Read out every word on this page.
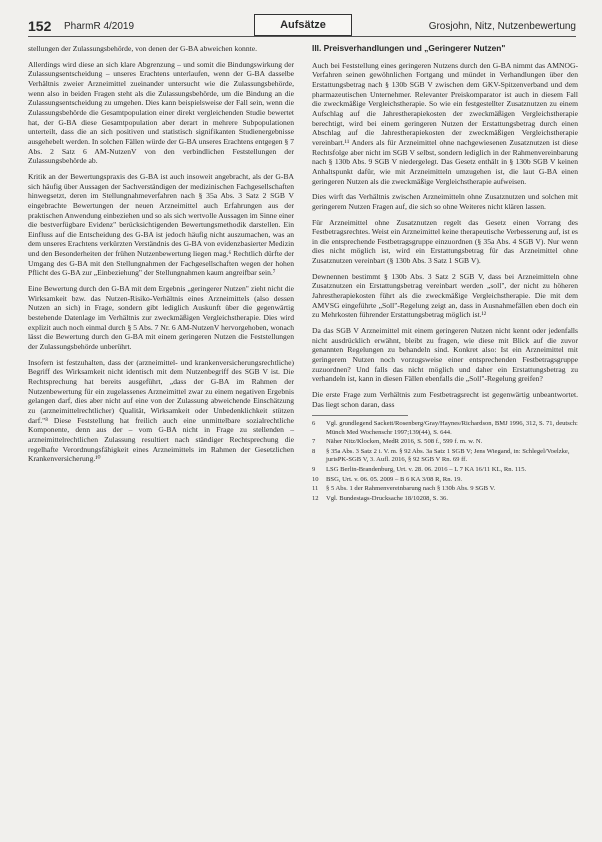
152 PharmR 4/2019	Aufsätze	Grosjohn, Nitz, Nutzenbewertung

stellungen der Zulassungsbehörde, von denen der G-BA abweichen konnte.

Allerdings wird diese an sich klare Abgrenzung – und somit die Bindungswirkung der Zulassungsentscheidung – unseres Erachtens unterlaufen, wenn der G-BA dasselbe Verhältnis zweier Arzneimittel zueinander untersucht wie die Zulassungsbehörde, wenn also in beiden Fragen steht als die Zulassungsbehörde, um die Bindung an die Zulassungsentscheidung zu umgehen. Dies kann beispielsweise der Fall sein, wenn die Zulassungsbehörde die Gesamtpopulation einer direkt vergleichenden Studie bewertet hat, der G-BA diese Gesamtpopulation aber derart in mehrere Subpopulationen unterteilt, dass die an sich positiven und statistisch signifikanten Studienergebnisse ausgehebelt werden. In solchen Fällen würde der G-BA unseres Erachtens entgegen § 7 Abs. 2 Satz 6 AM-NutzenV von den verbindlichen Feststellungen der Zulassungsbehörde ab.

Kritik an der Bewertungspraxis des G-BA ist auch insoweit angebracht, als der G-BA sich häufig über Aussagen der Sachverständigen der medizinischen Fachgesellschaften hinwegsetzt, deren im Stellungnahmeverfahren nach § 35a Abs. 3 Satz 2 SGB V eingebrachte Bewertungen der neuen Arzneimittel auch Erfahrungen aus der praktischen Anwendung einbeziehen und so als sich wertvolle Aussagen im Sinne einer die bestverfügbare Evidenz" berücksichtigenden Bewertungsmethodik darstellen. Ein Einfluss auf die Entscheidung des G-BA ist jedoch häufig nicht auszumachen, was an dem unseres Erachtens verkürzten Verständnis des G-BA von evidenzbasierter Medizin und den Besonderheiten der frühen Nutzenbewertung liegen mag.⁶ Rechtlich dürfte der Umgang des G-BA mit den Stellungnahmen der Fachgesellschaften wegen der hohen Pflicht des G-BA zur „Einbeziehung" der Stellungnahmen kaum angreifbar sein.⁷

Eine Bewertung durch den G-BA mit dem Ergebnis „geringerer Nutzen" zieht nicht die Wirksamkeit bzw. das Nutzen-Risiko-Verhältnis eines Arzneimittels (also dessen Nutzen an sich) in Frage, sondern gibt lediglich Auskunft über die gegenwärtig bestehende Datenlage im Verhältnis zur zweckmäßigen Vergleichstherapie. Dies wird explizit auch noch einmal durch § 5 Abs. 7 Nr. 6 AM-NutzenV hervorgehoben, wonach lässt die Bewertung durch den G-BA mit einem geringeren Nutzen die Feststellungen der Zulassungsbehörde unberührt.

Insofern ist festzuhalten, dass der (arzneimittel- und krankenversicherungsrechtliche) Begriff des Wirksamkeit nicht identisch mit dem Nutzenbegriff des SGB V ist. Die Rechtsprechung hat bereits ausgeführt, „dass der G-BA im Rahmen der Nutzenbewertung für ein zugelassenes Arzneimittel zwar zu einem negativen Ergebnis gelangen darf, dies aber nicht auf eine von der Zulassung abweichende Einschätzung zu (arzneimittelrechtlicher) Qualität, Wirksamkeit oder Unbedenklichkeit stützen darf."⁸ Diese Feststellung hat freilich auch eine unmittelbare sozialrechtliche Komponente, denn aus der – vom G-BA nicht in Frage zu stellenden – arzneimittelrechtlichen Zulassung resultiert nach ständiger Rechtsprechung die regelhafte Verordnungsfähigkeit eines Arzneimittels im Rahmen der Gesetzlichen Krankenversicherung.¹⁰

III. Preisverhandlungen und „Geringerer Nutzen"

Auch bei Feststellung eines geringeren Nutzens durch den G-BA nimmt das AMNOG-Verfahren seinen gewöhnlichen Fortgang und mündet in Verhandlungen über den Erstattungsbetrag nach § 130b SGB V zwischen dem GKV-Spitzenverband und dem pharmazeutischen Unternehmer. Relevanter Preiskomparator ist auch in diesem Fall die zweckmäßige Vergleichstherapie. So wie ein festgestellter Zusatznutzen zu einem Aufschlag auf die Jahrestherapiekosten der zweckmäßigen Vergleichstherapie berechtigt, wird bei einem geringeren Nutzen der Erstattungsbetrag durch einen Abschlag auf die Jahrestherapiekosten der zweckmäßigen Vergleichstherapie vereinbart.¹¹ Anders als für Arzneimittel ohne nachgewiesenen Zusatznutzen ist diese Rechtsfolge aber nicht im SGB V selbst, sondern lediglich in der Rahmenvereinbarung nach § 130b Abs. 9 SGB V niedergelegt. Das Gesetz enthält in § 130b SGB V keinen Anhaltspunkt dafür, wie mit Arzneimitteln umzugehen ist, die laut G-BA einen geringeren Nutzen als die zweckmäßige Vergleichstherapie aufweisen.

Dies wirft das Verhältnis zwischen Arzneimitteln ohne Zusatznutzen und solchen mit geringerem Nutzen Fragen auf, die sich so ohne Weiteres nicht klären lassen.

Für Arzneimittel ohne Zusatznutzen regelt das Gesetz einen Vorrang des Festbetragsrechtes. Weist ein Arzneimittel keine therapeutische Verbesserung auf, ist es in die entsprechende Festbetragsgruppe einzuordnen (§ 35a Abs. 4 SGB V). Nur wenn dies nicht möglich ist, wird ein Erstattungsbetrag für das Arzneimittel ohne Zusatznutzen vereinbart (§ 130b Abs. 3 Satz 1 SGB V).

Dewnennen bestimmt § 130b Abs. 3 Satz 2 SGB V, dass bei Arzneimitteln ohne Zusatznutzen ein Erstattungsbetrag vereinbart werden „soll", der nicht zu höheren Jahrestherapiekosten führt als die zweckmäßige Vergleichstherapie. Die mit dem AMVSG eingeführte „Soll"-Regelung zeigt an, dass in Ausnahmefällen eben doch ein zu Mehrkosten führender Erstattungsbetrag möglich ist.¹²

Da das SGB V Arzneimittel mit einem geringeren Nutzen nicht kennt oder jedenfalls nicht ausdrücklich erwähnt, bleibt zu fragen, wie diese mit Blick auf die zuvor genannten Regelungen zu behandeln sind. Konkret also: Ist ein Arzneimittel mit geringerem Nutzen noch vorzugsweise einer entsprechenden Festbetragsgruppe zuzuordnen? Und falls das nicht möglich und daher ein Erstattungsbetrag zu verhandeln ist, kann in diesen Fällen ebenfalls die „Soll"-Regelung greifen?

Die erste Frage zum Verhältnis zum Festbetragsrecht ist gegenwärtig unbeantwortet. Das liegt schon daran, dass

6	Vgl. grundlegend Sackett/Rosenberg/Gray/Haynes/Richardson, BMJ 1996, 312, S. 71, deutsch: Münch Med Wochenschr 1997;139(44), S. 644.
7	Näher Nitz/Klocken, MedR 2016, S. 508 f., 599 f. m. w. N.
8	§ 35a Abs. 3 Satz 2 i. V. m. § 92 Abs. 3a Satz 1 SGB V; Jens Wiegand, in: Schlegel/Voelzke, jurisPK-SGB V, 3. Aufl. 2016, § 92 SGB V Rn. 69 ff.
9	LSG Berlin-Brandenburg, Urt. v. 28. 06. 2016 – L 7 KA 16/11 KL, Rn. 115.
10	BSG, Urt. v. 06. 05. 2009 – B 6 KA 3/08 R, Rn. 19.
11	§ 5 Abs. 1 der Rahmenvereinbarung nach § 130b Abs. 9 SGB V.
12	Vgl. Bundestags-Drucksache 18/10208, S. 36.
